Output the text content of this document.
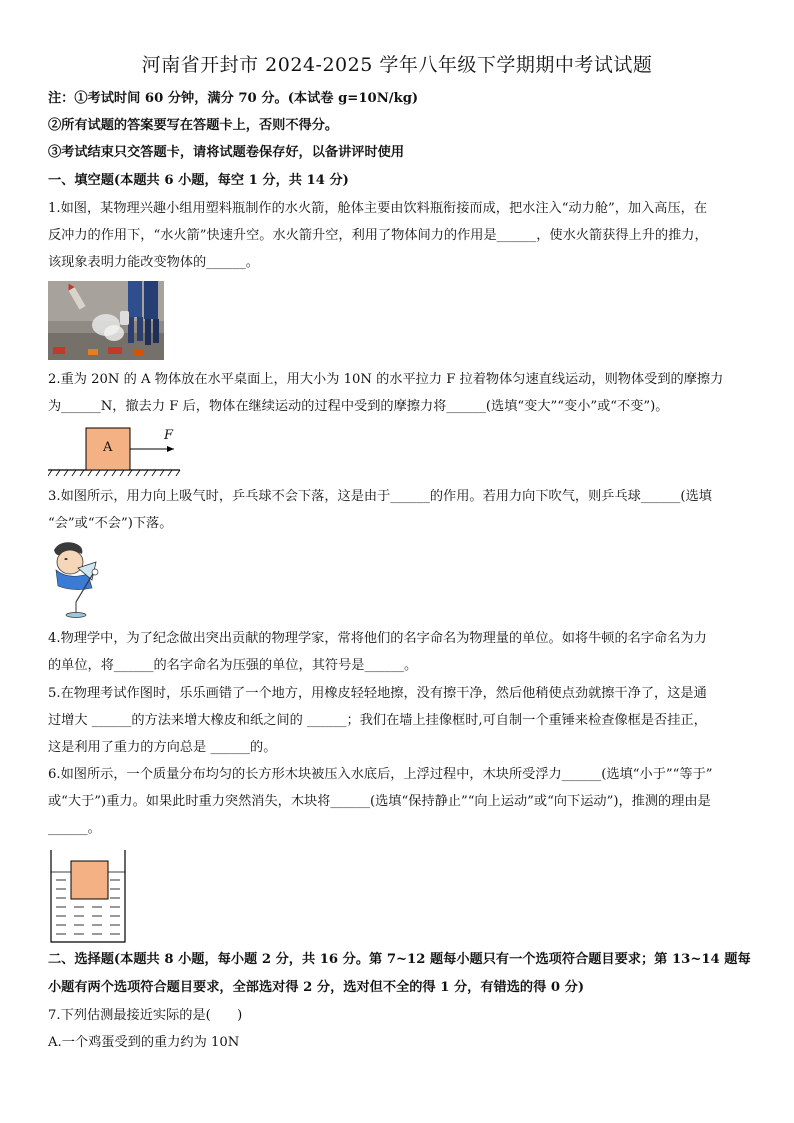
河南省开封市 2024-2025 学年八年级下学期期中考试试题
注：①考试时间 60 分钟，满分 70 分。(本试卷 g=10N/kg)
②所有试题的答案要写在答题卡上，否则不得分。
③考试结束只交答题卡，请将试题卷保存好，以备讲评时使用
一、填空题(本题共 6 小题，每空 1 分，共 14 分)
1.如图，某物理兴趣小组用塑料瓶制作的水火箭，舱体主要由饮料瓶衔接而成，把水注入“动力舱”，加入高压，在
反冲力的作用下，“水火箭”快速升空。水火箭升空，利用了物体间力的作用是______，使水火箭获得上升的推力，
该现象表明力能改变物体的______。
2.重为 20N 的 A 物体放在水平桌面上，用大小为 10N 的水平拉力 F 拉着物体匀速直线运动，则物体受到的摩擦力
为______N，撤去力 F 后，物体在继续运动的过程中受到的摩擦力将______(选填“变大”“变小”或“不变”)。
A
F
3.如图所示，用力向上吸气时，乒乓球不会下落，这是由于______的作用。若用力向下吹气，则乒乓球______(选填
“会”或“不会”)下落。
4.物理学中，为了纪念做出突出贡献的物理学家，常将他们的名字命名为物理量的单位。如将牛顿的名字命名为力
的单位，将______的名字命名为压强的单位，其符号是______。
5.在物理考试作图时，乐乐画错了一个地方，用橡皮轻轻地擦，没有擦干净，然后他稍使点劲就擦干净了，这是通
过增大 ______的方法来增大橡皮和纸之间的 ______；我们在墙上挂像框时,可自制一个重锤来检查像框是否挂正，
这是利用了重力的方向总是 ______的。
6.如图所示，一个质量分布均匀的长方形木块被压入水底后，上浮过程中，木块所受浮力______(选填“小于”“等于”
或“大于”)重力。如果此时重力突然消失，木块将______(选填“保持静止”“向上运动”或“向下运动”)，推测的理由是
______。
二、选择题(本题共 8 小题，每小题 2 分，共 16 分。第 7~12 题每小题只有一个选项符合题目要求；第 13~14 题每
小题有两个选项符合题目要求，全部选对得 2 分，选对但不全的得 1 分，有错选的得 0 分)
7.下列估测最接近实际的是(　　)
A.一个鸡蛋受到的重力约为 10N
